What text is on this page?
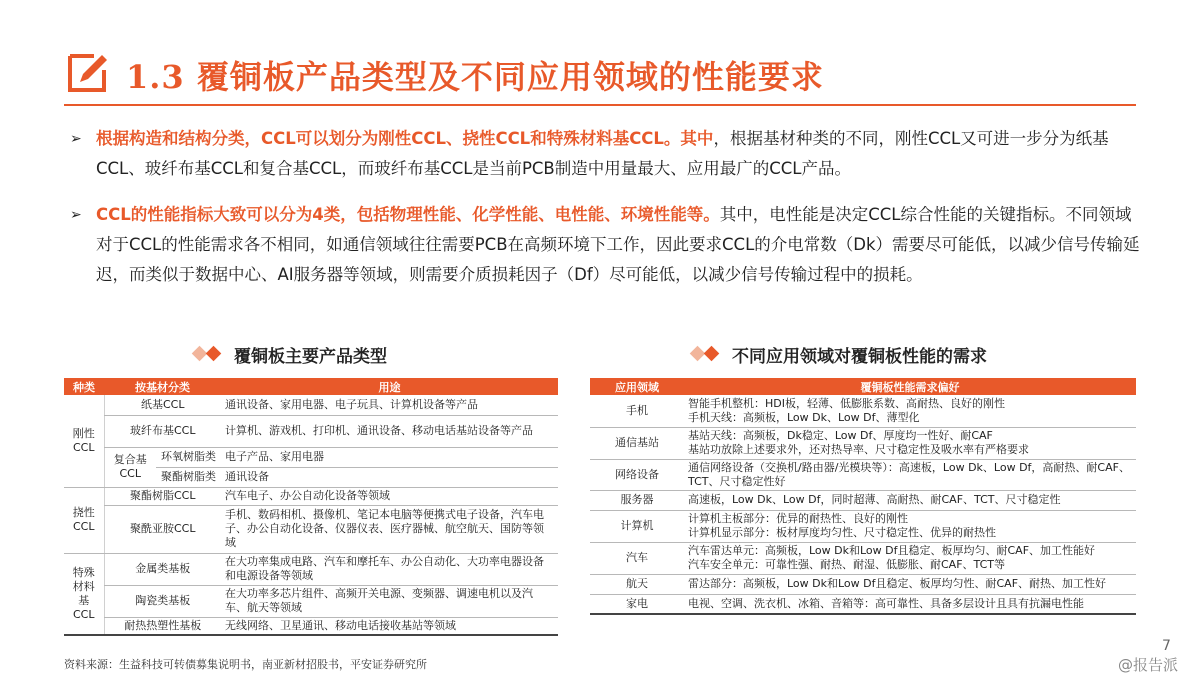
1.3 覆铜板产品类型及不同应用领域的性能要求
➢ 根据构造和结构分类，CCL可以划分为刚性CCL、挠性CCL和特殊材料基CCL。其中，根据基材种类的不同，刚性CCL又可进一步分为纸基CCL、玻纤布基CCL和复合基CCL，而玻纤布基CCL是当前PCB制造中用量最大、应用最广的CCL产品。
➢ CCL的性能指标大致可以分为4类，包括物理性能、化学性能、电性能、环境性能等。其中，电性能是决定CCL综合性能的关键指标。不同领域对于CCL的性能需求各不相同，如通信领域往往需要PCB在高频环境下工作，因此要求CCL的介电常数（Dk）需要尽可能低，以减少信号传输延迟，而类似于数据中心、AI服务器等领域，则需要介质损耗因子（Df）尽可能低，以减少信号传输过程中的损耗。
覆铜板主要产品类型	不同应用领域对覆铜板性能的需求
种类	按基材分类		用途
刚性CCL	纸基CCL		通讯设备、家用电器、电子玩具、计算机设备等产品
	玻纤布基CCL		计算机、游戏机、打印机、通讯设备、移动电话基站设备等产品
	复合基CCL	环氧树脂类	电子产品、家用电器
		聚酯树脂类	通讯设备
挠性CCL	聚酯树脂CCL		汽车电子、办公自动化设备等领域
	聚酰亚胺CCL		手机、数码相机、摄像机、笔记本电脑等便携式电子设备，汽车电子、办公自动化设备、仪器仪表、医疗器械、航空航天、国防等领域
特殊材料基CCL	金属类基板		在大功率集成电路、汽车和摩托车、办公自动化、大功率电器设备和电源设备等领域
	陶瓷类基板		在大功率多芯片组件、高频开关电源、变频器、调速电机以及汽车、航天等领域
	耐热热塑性基板		无线网络、卫星通讯、移动电话接收基站等领域
应用领域	覆铜板性能需求偏好
手机	智能手机整机：HDI板，轻薄、低膨胀系数、高耐热、良好的刚性
手机天线：高频板，Low Dk、Low Df、薄型化

通信基站	基站天线：高频板，Dk稳定、Low Df、厚度均一性好、耐CAF
基站功放除上述要求外，还对热导率、尺寸稳定性及吸水率有严格要求

网络设备	通信网络设备（交换机/路由器/光模块等）：高速板，Low Dk、Low Df，高耐热、耐CAF、TCT、尺寸稳定性好

服务器	高速板，Low Dk、Low Df，同时超薄、高耐热、耐CAF、TCT、尺寸稳定性

计算机	计算机主板部分：优异的耐热性、良好的刚性
计算机显示部分：板材厚度均匀性、尺寸稳定性、优异的耐热性

汽车	汽车雷达单元：高频板，Low Dk和Low Df且稳定、板厚均匀、耐CAF、加工性能好
汽车安全单元：可靠性强、耐热、耐湿、低膨胀、耐CAF、TCT等

航天	雷达部分：高频板，Low Dk和Low Df且稳定、板厚均匀性、耐CAF、耐热、加工性好

家电	电视、空调、洗衣机、冰箱、音箱等：高可靠性、具备多层设计且具有抗漏电性能
资料来源：生益科技可转债募集说明书，南亚新材招股书，平安证券研究所
7
@报告派
